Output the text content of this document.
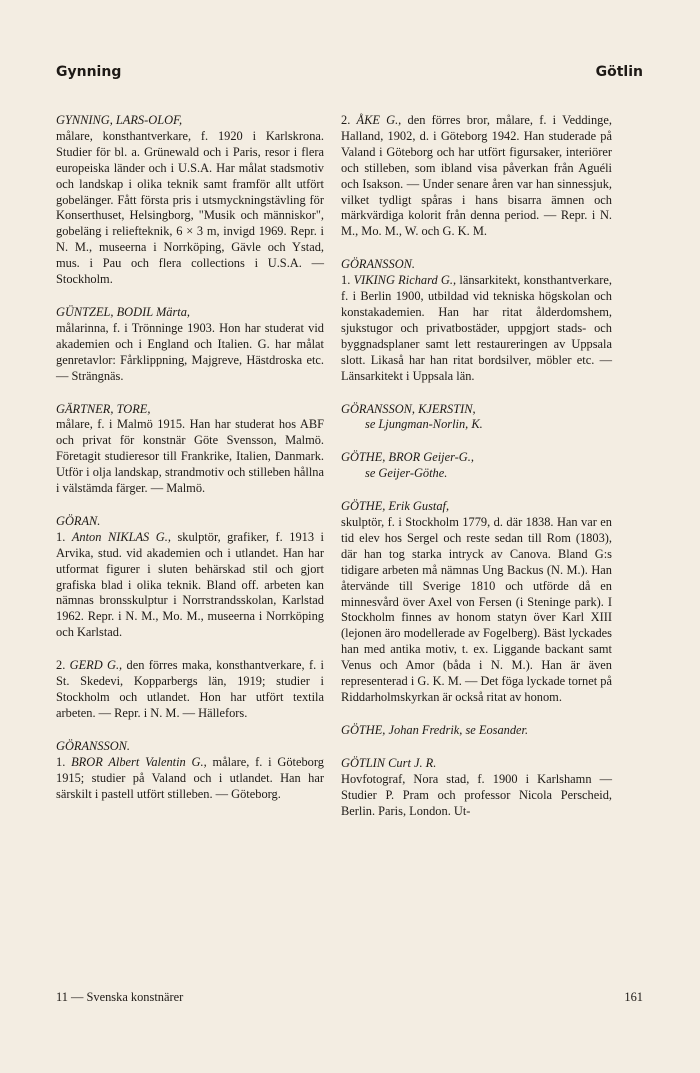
Gynning	Götlin
GYNNING, LARS-OLOF,
målare, konsthantverkare, f. 1920 i Karlskrona. Studier för bl. a. Grünewald och i Paris, resor i flera europeiska länder och i U.S.A. Har målat stadsmotiv och landskap i olika teknik samt framför allt utfört gobelänger. Fått första pris i utsmyckningstävling för Konserthuset, Helsingborg, "Musik och människor", gobeläng i reliefteknik, 6 × 3 m, invigd 1969. Repr. i N. M., museerna i Norrköping, Gävle och Ystad, mus. i Pau och flera collections i U.S.A. — Stockholm.
GÜNTZEL, BODIL Märta,
målarinna, f. i Trönninge 1903. Hon har studerat vid akademien och i England och Italien. G. har målat genretavlor: Fårklippning, Majgreve, Hästdroska etc. — Strängnäs.
GÄRTNER, TORE,
målare, f. i Malmö 1915. Han har studerat hos ABF och privat för konstnär Göte Svensson, Malmö. Företagit studieresor till Frankrike, Italien, Danmark. Utför i olja landskap, strandmotiv och stilleben hållna i välstämda färger. — Malmö.
GÖRAN.
1. Anton NIKLAS G., skulptör, grafiker, f. 1913 i Arvika, stud. vid akademien och i utlandet. Han har utformat figurer i sluten behärskad stil och gjort grafiska blad i olika teknik. Bland off. arbeten kan nämnas bronsskulptur i Norrstrandsskolan, Karlstad 1962. Repr. i N. M., Mo. M., museerna i Norrköping och Karlstad.
2. GERD G., den förres maka, konsthantverkare, f. i St. Skedevi, Kopparbergs län, 1919; studier i Stockholm och utlandet. Hon har utfört textila arbeten. — Repr. i N. M. — Hällefors.
GÖRANSSON.
1. BROR Albert Valentin G., målare, f. i Göteborg 1915; studier på Valand och i utlandet. Han har särskilt i pastell utfört stilleben. — Göteborg.
2. ÅKE G., den förres bror, målare, f. i Veddinge, Halland, 1902, d. i Göteborg 1942. Han studerade på Valand i Göteborg och har utfört figursaker, interiörer och stilleben, som ibland visa påverkan från Aguéli och Isakson. — Under senare åren var han sinnessjuk, vilket tydligt spåras i hans bisarra ämnen och märkvärdiga kolorit från denna period. — Repr. i N. M., Mo. M., W. och G. K. M.
GÖRANSSON.
1. VIKING Richard G., länsarkitekt, konsthantverkare, f. i Berlin 1900, utbildad vid tekniska högskolan och konstakademien. Han har ritat ålderdomshem, sjukstugor och privatbostäder, uppgjort stads- och byggnadsplaner samt lett restaureringen av Uppsala slott. Likaså har han ritat bordsilver, möbler etc. — Länsarkitekt i Uppsala län.
GÖRANSSON, KJERSTIN,
se Ljungman-Norlin, K.
GÖTHE, BROR Geijer-G.,
se Geijer-Göthe.
GÖTHE, Erik Gustaf,
skulptör, f. i Stockholm 1779, d. där 1838. Han var en tid elev hos Sergel och reste sedan till Rom (1803), där han tog starka intryck av Canova. Bland G:s tidigare arbeten må nämnas Ung Backus (N. M.). Han återvände till Sverige 1810 och utförde då en minnesvård över Axel von Fersen (i Steninge park). I Stockholm finnes av honom statyn över Karl XIII (lejonen äro modellerade av Fogelberg). Bäst lyckades han med antika motiv, t. ex. Liggande backant samt Venus och Amor (båda i N. M.). Han är även representerad i G. K. M. — Det föga lyckade tornet på Riddarholmskyrkan är också ritat av honom.
GÖTHE, Johan Fredrik, se Eosander.
GÖTLIN Curt J. R.
Hovfotograf, Nora stad, f. 1900 i Karlshamn — Studier P. Pram och professor Nicola Perscheid, Berlin. Paris, London. Ut-
11 — Svenska konstnärer	161
